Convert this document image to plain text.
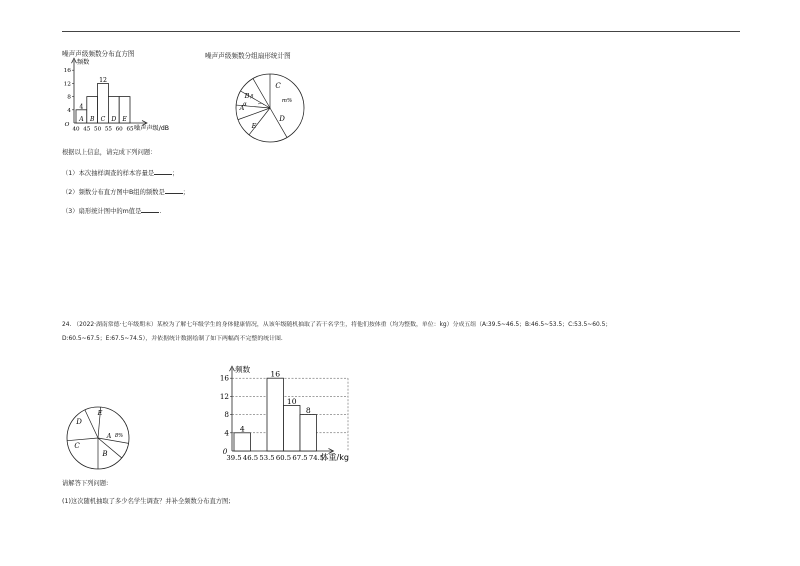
噪声声级频数分布直方图	噪声声级频数分组扇形统计图
4
8
12
16
O
频数
A
4
B C
12
D E
40 45 50 55 60 65 噪声声级/dB
A
B
C
D
E
m%
α
β
根据以上信息，请完成下列问题：
（1）本次抽样调查的样本容量是	；
（2）频数分布直方图中B组的频数是	；
（3）扇形统计图中的m值是	.
24. （2022·湖南常德·七年级期末）某校为了解七年级学生的身体健康情况，从该年级随机抽取了若干名学生，将他们按体重（均为整数，单位：kg）分成五组（A:39.5~46.5；B:46.5~53.5；C:53.5~60.5；
D:60.5~67.5；E:67.5~74.5），并依据统计数据绘制了如下两幅尚不完整的统计图.
A
B
C
D
E
8%	4
8
12
16
0
频数
4
16
10
8
39.5 46.5 53.5 60.5 67.5 74.5
体重/kg
请解答下列问题:
(1)这次随机抽取了多少名学生调查？并补全频数分布直方图;
